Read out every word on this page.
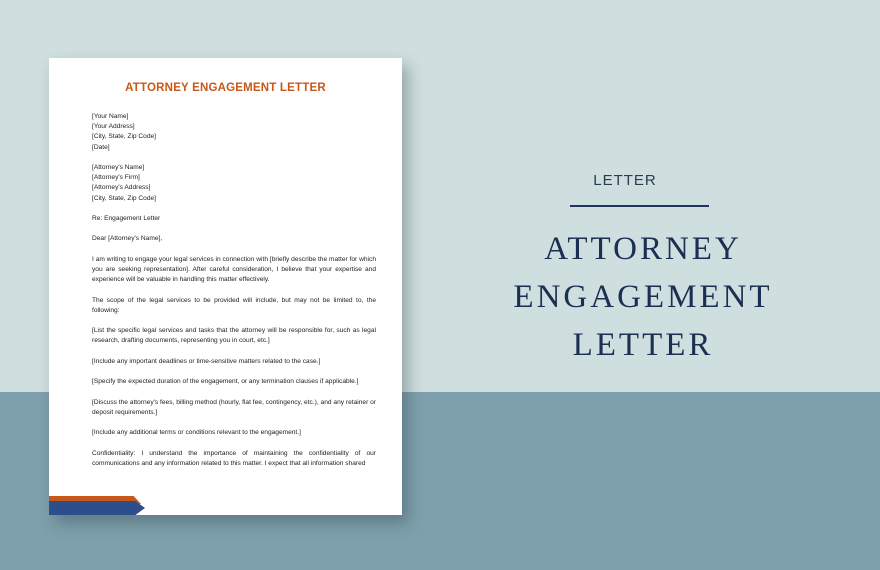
ATTORNEY ENGAGEMENT LETTER

[Your Name]

[Your Address]

[City, State, Zip Code]

[Date]

[Attorney's Name]

[Attorney's Firm]

[Attorney's Address]

[City, State, Zip Code]

Re: Engagement Letter

Dear [Attorney's Name],

I am writing to engage your legal services in connection with [briefly describe the matter for which you are seeking representation]. After careful consideration, I believe that your expertise and experience will be valuable in handling this matter effectively.

The scope of the legal services to be provided will include, but may not be limited to, the following:

[List the specific legal services and tasks that the attorney will be responsible for, such as legal research, drafting documents, representing you in court, etc.]

[Include any important deadlines or time-sensitive matters related to the case.]

[Specify the expected duration of the engagement, or any termination clauses if applicable.]

[Discuss the attorney's fees, billing method (hourly, flat fee, contingency, etc.), and any retainer or deposit requirements.]

[Include any additional terms or conditions relevant to the engagement.]

Confidentiality: I understand the importance of maintaining the confidentiality of our communications and any information related to this matter. I expect that all information shared

LETTER
ATTORNEY ENGAGEMENT
LETTER
